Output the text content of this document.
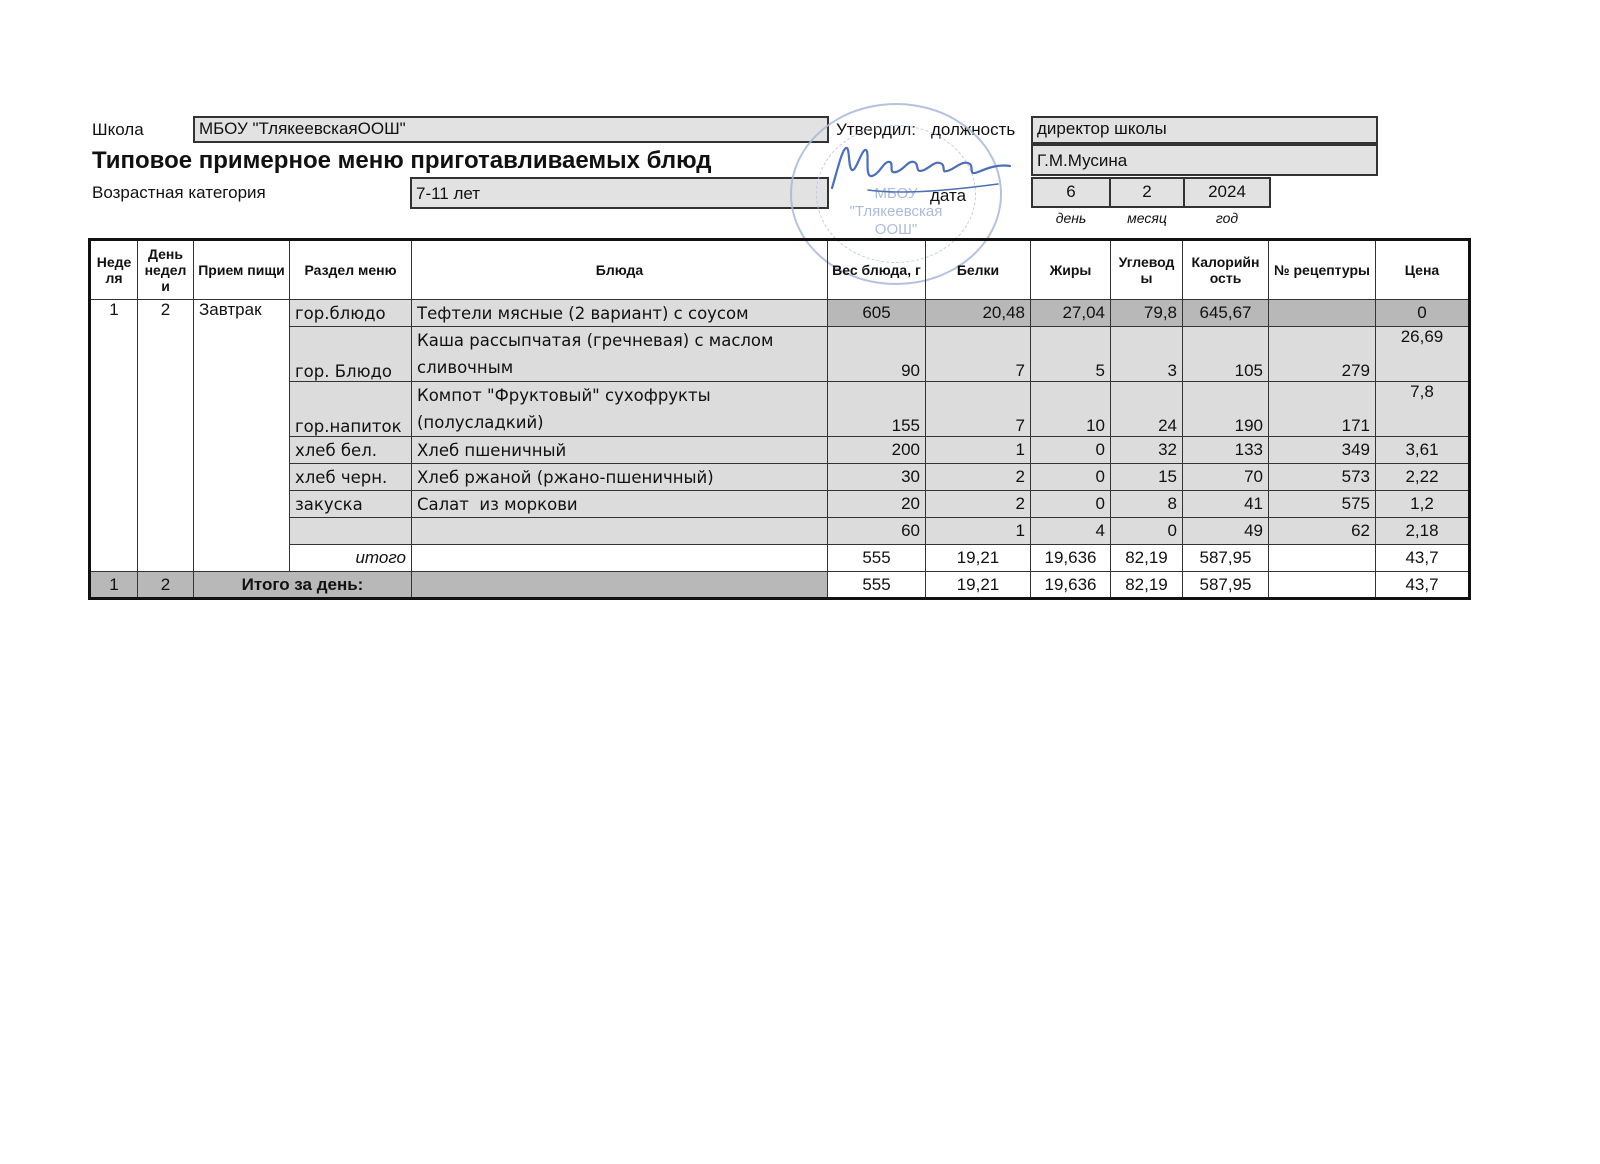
Школа	МБОУ "ТлякеевскаяООШ"	Утвердил: должность	директор школы
Типовое примерное меню приготавливаемых блюд	Г.М.Мусина
Возрастная категория	7-11 лет	дата	6	2	2024
день	месяц	год
МБОУ
"Тлякеевская
ООШ"
Неде ля	День недел и	Прием пищи	Раздел меню	Блюда	Вес блюда, г	Белки	Жиры	Углевод ы	Калорийн ость	№ рецептуры	Цена
1	2	Завтрак	гор.блюдо	Тефтели мясные (2 вариант) с соусом	605	20,48	27,04	79,8	645,67		0
			гор. Блюдо	Каша рассыпчатая (гречневая) с маслом сливочным	90	7	5	3	105	279	26,69
			гор.напиток	Компот "Фруктовый" сухофрукты (полусладкий)	155	7	10	24	190	171	7,8
			хлеб бел.	Хлеб пшеничный	200	1	0	32	133	349	3,61
			хлеб черн.	Хлеб ржаной (ржано-пшеничный)	30	2	0	15	70	573	2,22
			закуска	Салат  из моркови	20	2	0	8	41	575	1,2
					60	1	4	0	49	62	2,18
			итого		555	19,21	19,636	82,19	587,95		43,7
1	2	Итого за день:			555	19,21	19,636	82,19	587,95		43,7
